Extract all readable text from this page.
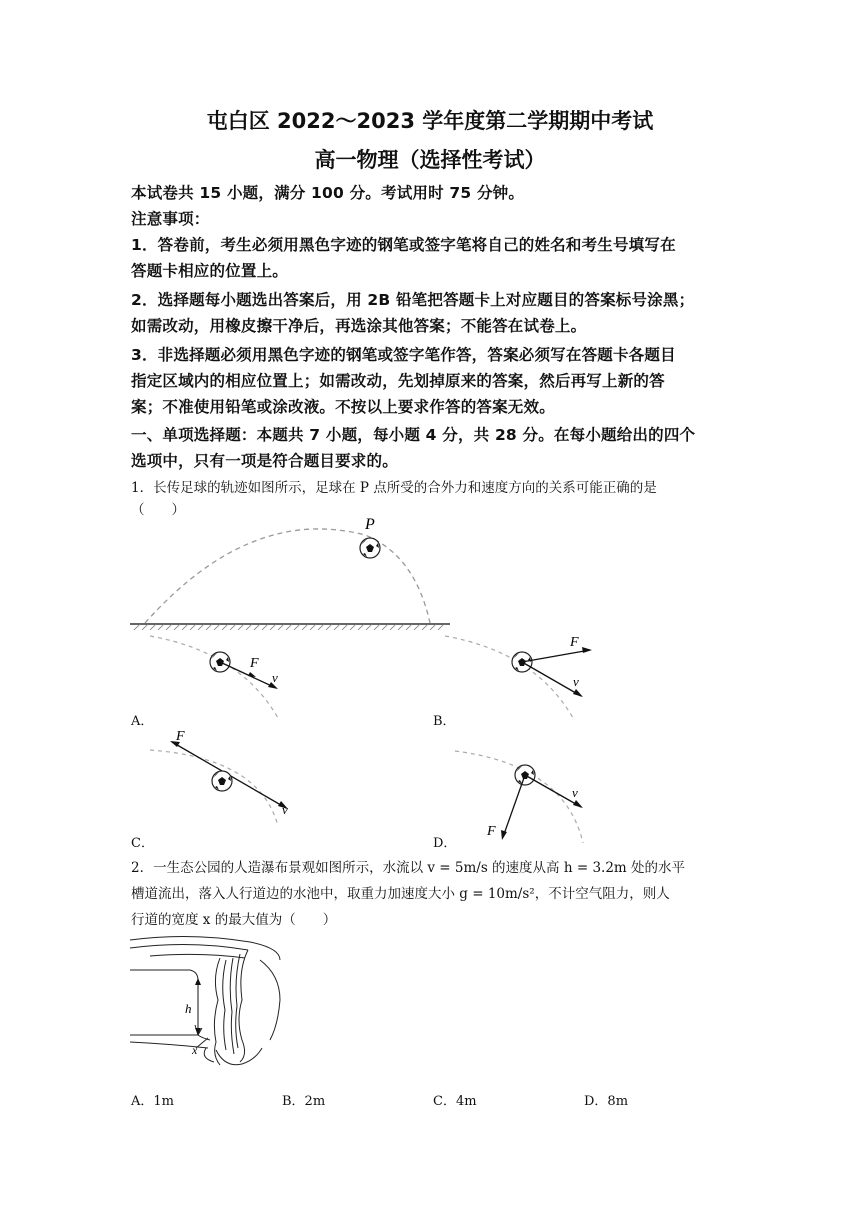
屯白区 2022～2023 学年度第二学期期中考试
高一物理（选择性考试）
本试卷共 15 小题，满分 100 分。考试用时 75 分钟。
注意事项：
1．答卷前，考生必须用黑色字迹的钢笔或签字笔将自己的姓名和考生号填写在
答题卡相应的位置上。
2．选择题每小题选出答案后，用 2B 铅笔把答题卡上对应题目的答案标号涂黑；
如需改动，用橡皮擦干净后，再选涂其他答案；不能答在试卷上。
3．非选择题必须用黑色字迹的钢笔或签字笔作答，答案必须写在答题卡各题目
指定区域内的相应位置上；如需改动，先划掉原来的答案，然后再写上新的答
案；不准使用铅笔或涂改液。不按以上要求作答的答案无效。
一、单项选择题：本题共 7 小题，每小题 4 分，共 28 分。在每小题给出的四个
选项中，只有一项是符合题目要求的。
1．长传足球的轨迹如图所示，足球在 P 点所受的合外力和速度方向的关系可能正确的是
（　　）
P
F
v
A．
F
v
B．
F
v
C．
v
F
D．
2．一生态公园的人造瀑布景观如图所示，水流以 v = 5m/s 的速度从高 h = 3.2m 处的水平
槽道流出，落入人行道边的水池中，取重力加速度大小 g = 10m/s²，不计空气阻力，则人
行道的宽度 x 的最大值为（　　）
h
x
A．1m	B．2m	C．4m	D．8m
